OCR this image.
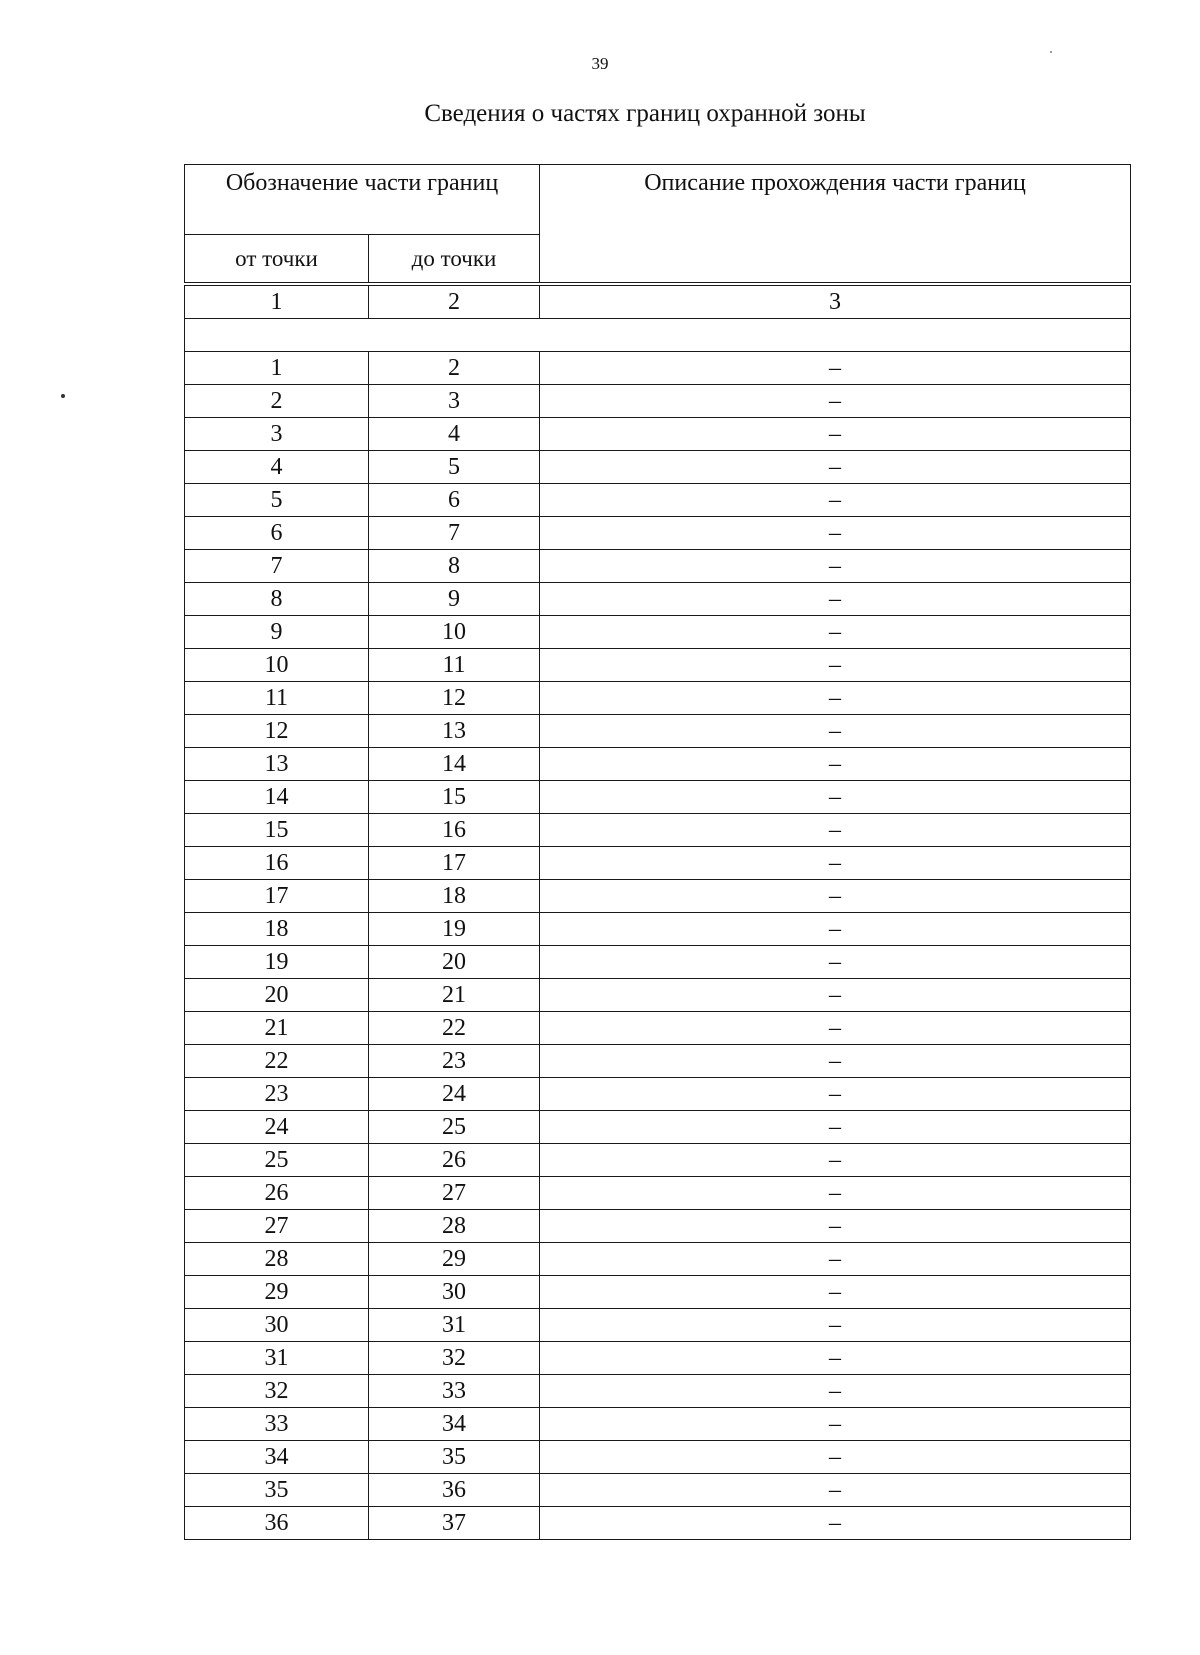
39
Сведения о частях границ охранной зоны
Обозначение части границ		Описание прохождения части границ
от точки	до точки	
1	2	3

1	2	–
2	3	–
3	4	–
4	5	–
5	6	–
6	7	–
7	8	–
8	9	–
9	10	–
10	11	–
11	12	–
12	13	–
13	14	–
14	15	–
15	16	–
16	17	–
17	18	–
18	19	–
19	20	–
20	21	–
21	22	–
22	23	–
23	24	–
24	25	–
25	26	–
26	27	–
27	28	–
28	29	–
29	30	–
30	31	–
31	32	–
32	33	–
33	34	–
34	35	–
35	36	–
36	37	–
